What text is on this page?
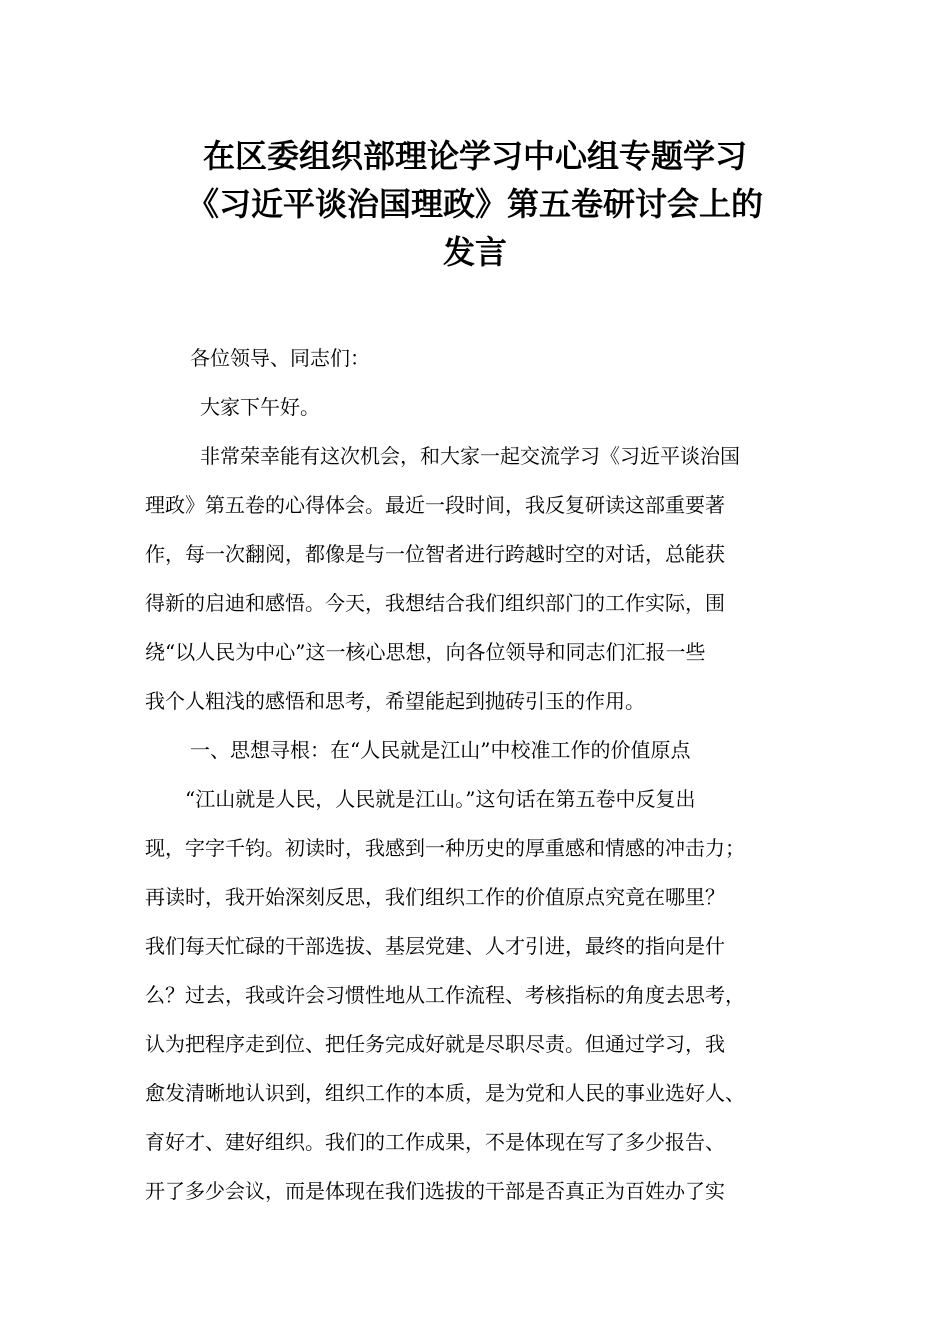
在区委组织部理论学习中心组专题学习
《习近平谈治国理政》第五卷研讨会上的
发言
各位领导、同志们：
大家下午好。
非常荣幸能有这次机会，和大家一起交流学习《习近平谈治国
理政》第五卷的心得体会。最近一段时间，我反复研读这部重要著
作，每一次翻阅，都像是与一位智者进行跨越时空的对话，总能获
得新的启迪和感悟。今天，我想结合我们组织部门的工作实际，围
绕“以人民为中心”这一核心思想，向各位领导和同志们汇报一些
我个人粗浅的感悟和思考，希望能起到抛砖引玉的作用。
一、思想寻根：在“人民就是江山”中校准工作的价值原点
“江山就是人民，人民就是江山。”这句话在第五卷中反复出
现，字字千钧。初读时，我感到一种历史的厚重感和情感的冲击力；
再读时，我开始深刻反思，我们组织工作的价值原点究竟在哪里？
我们每天忙碌的干部选拔、基层党建、人才引进，最终的指向是什
么？过去，我或许会习惯性地从工作流程、考核指标的角度去思考，
认为把程序走到位、把任务完成好就是尽职尽责。但通过学习，我
愈发清晰地认识到，组织工作的本质，是为党和人民的事业选好人、
育好才、建好组织。我们的工作成果，不是体现在写了多少报告、
开了多少会议，而是体现在我们选拔的干部是否真正为百姓办了实
